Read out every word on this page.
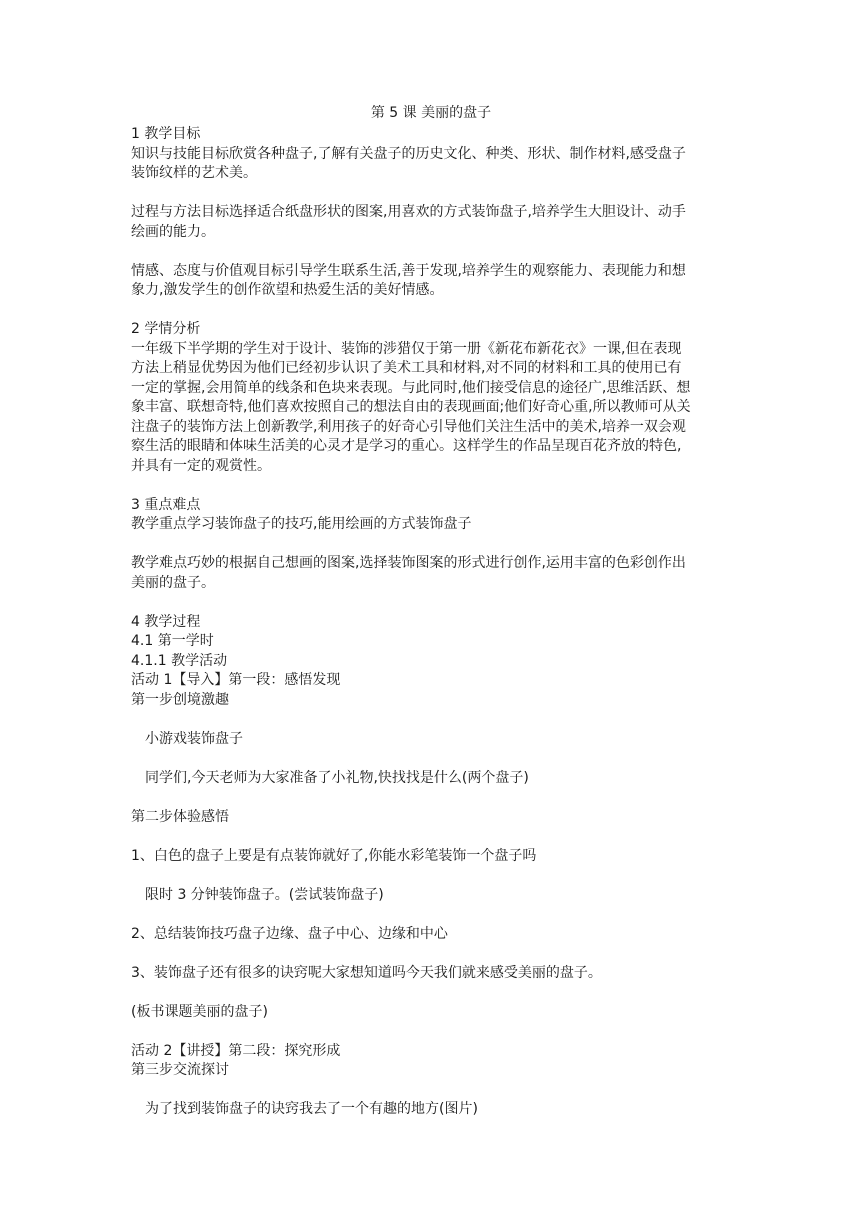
第 5 课 美丽的盘子
1 教学目标
知识与技能目标欣赏各种盘子,了解有关盘子的历史文化、种类、形状、制作材料,感受盘子
装饰纹样的艺术美。
过程与方法目标选择适合纸盘形状的图案,用喜欢的方式装饰盘子,培养学生大胆设计、动手
绘画的能力。
情感、态度与价值观目标引导学生联系生活,善于发现,培养学生的观察能力、表现能力和想
象力,激发学生的创作欲望和热爱生活的美好情感。
2 学情分析
一年级下半学期的学生对于设计、装饰的涉猎仅于第一册《新花布新花衣》一课,但在表现
方法上稍显优势因为他们已经初步认识了美术工具和材料,对不同的材料和工具的使用已有
一定的掌握,会用简单的线条和色块来表现。与此同时,他们接受信息的途径广,思维活跃、想
象丰富、联想奇特,他们喜欢按照自己的想法自由的表现画面;他们好奇心重,所以教师可从关
注盘子的装饰方法上创新教学,利用孩子的好奇心引导他们关注生活中的美术,培养一双会观
察生活的眼睛和体味生活美的心灵才是学习的重心。这样学生的作品呈现百花齐放的特色,
并具有一定的观赏性。
3 重点难点
教学重点学习装饰盘子的技巧,能用绘画的方式装饰盘子
教学难点巧妙的根据自己想画的图案,选择装饰图案的形式进行创作,运用丰富的色彩创作出
美丽的盘子。
4 教学过程
4.1 第一学时
4.1.1 教学活动
活动 1【导入】第一段：感悟发现
第一步创境激趣
小游戏装饰盘子
同学们,今天老师为大家准备了小礼物,快找找是什么(两个盘子)
第二步体验感悟
1、白色的盘子上要是有点装饰就好了,你能水彩笔装饰一个盘子吗
限时 3 分钟装饰盘子。(尝试装饰盘子)
2、总结装饰技巧盘子边缘、盘子中心、边缘和中心
3、装饰盘子还有很多的诀窍呢大家想知道吗今天我们就来感受美丽的盘子。
(板书课题美丽的盘子)
活动 2【讲授】第二段：探究形成
第三步交流探讨
为了找到装饰盘子的诀窍我去了一个有趣的地方(图片)
